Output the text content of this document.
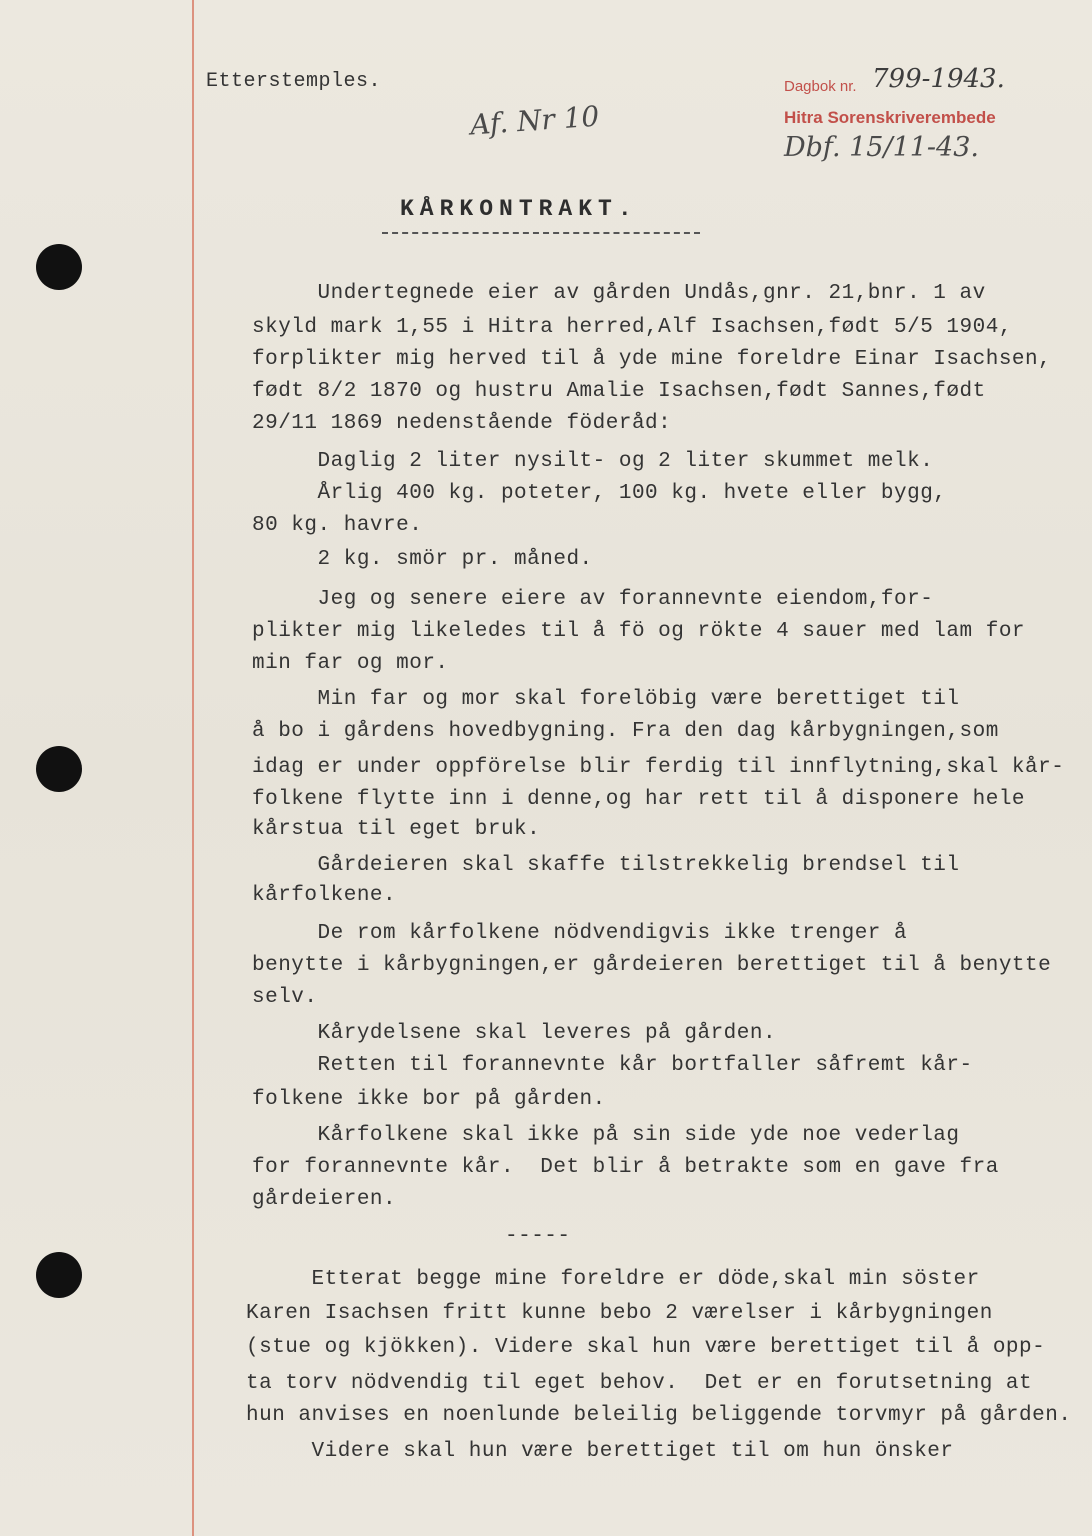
Etterstemples.
Af. Nr 10
Dagbok nr. 799-1943.
Hitra Sorenskriverembede
Dbf. 15/11-43.
KÅRKONTRAKT.
Undertegnede eier av gården Undås,gnr. 21,bnr. 1 av
skyld mark 1,55 i Hitra herred,Alf Isachsen,født 5/5 1904,
forplikter mig herved til å yde mine foreldre Einar Isachsen,
født 8/2 1870 og hustru Amalie Isachsen,født Sannes,født
29/11 1869 nedenstående föderåd:
Daglig 2 liter nysilt- og 2 liter skummet melk.
Årlig 400 kg. poteter, 100 kg. hvete eller bygg,
80 kg. havre.
2 kg. smör pr. måned.
Jeg og senere eiere av forannevnte eiendom,for-
plikter mig likeledes til å fö og rökte 4 sauer med lam for
min far og mor.
Min far og mor skal forelöbig være berettiget til
å bo i gårdens hovedbygning. Fra den dag kårbygningen,som
idag er under oppförelse blir ferdig til innflytning,skal kår-
folkene flytte inn i denne,og har rett til å disponere hele
kårstua til eget bruk.
Gårdeieren skal skaffe tilstrekkelig brendsel til
kårfolkene.
De rom kårfolkene nödvendigvis ikke trenger å
benytte i kårbygningen,er gårdeieren berettiget til å benytte
selv.
Kårydelsene skal leveres på gården.
Retten til forannevnte kår bortfaller såfremt kår-
folkene ikke bor på gården.
Kårfolkene skal ikke på sin side yde noe vederlag
for forannevnte kår.  Det blir å betrakte som en gave fra
gårdeieren.
-----
Etterat begge mine foreldre er döde,skal min söster
Karen Isachsen fritt kunne bebo 2 værelser i kårbygningen
(stue og kjökken). Videre skal hun være berettiget til å opp-
ta torv nödvendig til eget behov.  Det er en forutsetning at
hun anvises en noenlunde beleilig beliggende torvmyr på gården.
Videre skal hun være berettiget til om hun önsker
